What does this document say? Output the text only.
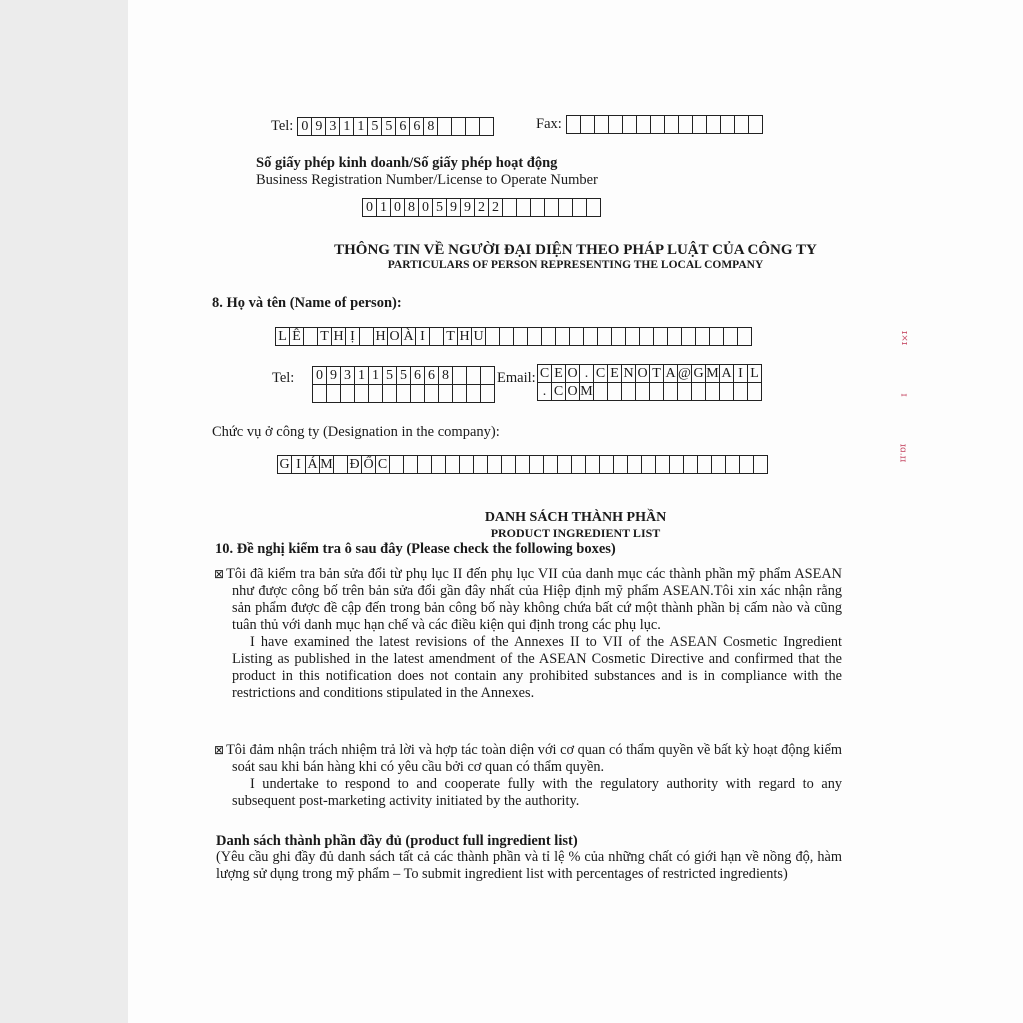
Tel: 0 9 3 1 1 5 5 6 6 8	Fax:
Số giấy phép kinh doanh/Số giấy phép hoạt động
Business Registration Number/License to Operate Number
0 1 0 8 0 5 9 9 2 2
THÔNG TIN VỀ NGƯỜI ĐẠI DIỆN THEO PHÁP LUẬT CỦA CÔNG TY
PARTICULARS OF PERSON REPRESENTING THE LOCAL COMPANY
8. Họ và tên (Name of person):
L Ê T H Ị	H O À I	T H U
Tel: 0 9 3 1 1 5 5 6 6 8	Email: C E O . C E N O T A @ G M A I L
. C O M
Chức vụ ở công ty (Designation in the company):
G I Á M Đ Ố C
DANH SÁCH THÀNH PHẦN
PRODUCT INGREDIENT LIST
10. Đề nghị kiểm tra ô sau đây (Please check the following boxes)

⊠ Tôi đã kiểm tra bản sửa đổi từ phụ lục II đến phụ lục VII của danh mục các thành phần mỹ phẩm ASEAN như được công bố trên bản sửa đổi gần đây nhất của Hiệp định mỹ phẩm ASEAN.Tôi xin xác nhận rằng sản phẩm được đề cập đến trong bản công bố này không chứa bất cứ một thành phần bị cấm nào và cũng tuân thủ với danh mục hạn chế và các điều kiện qui định trong các phụ lục.

I have examined the latest revisions of the Annexes II to VII of the ASEAN Cosmetic Ingredient Listing as published in the latest amendment of the ASEAN Cosmetic Directive and confirmed that the product in this notification does not contain any prohibited substances and is in compliance with the restrictions and conditions stipulated in the Annexes.

⊠ Tôi đảm nhận trách nhiệm trả lời và hợp tác toàn diện với cơ quan có thẩm quyền về bất kỳ hoạt động kiểm soát sau khi bán hàng khi có yêu cầu bởi cơ quan có thẩm quyền.

I undertake to respond to and cooperate fully with the regulatory authority with regard to any subsequent post-marketing activity initiated by the authority.

Danh sách thành phần đầy đủ (product full ingredient list)
(Yêu cầu ghi đầy đủ danh sách tất cả các thành phần và tỉ lệ % của những chất có giới hạn về nồng độ, hàm lượng sử dụng trong mỹ phẩm – To submit ingredient list with percentages of restricted ingredients)
ɪ×ɪ
ɪ
ɪɑ.ɪɪ
